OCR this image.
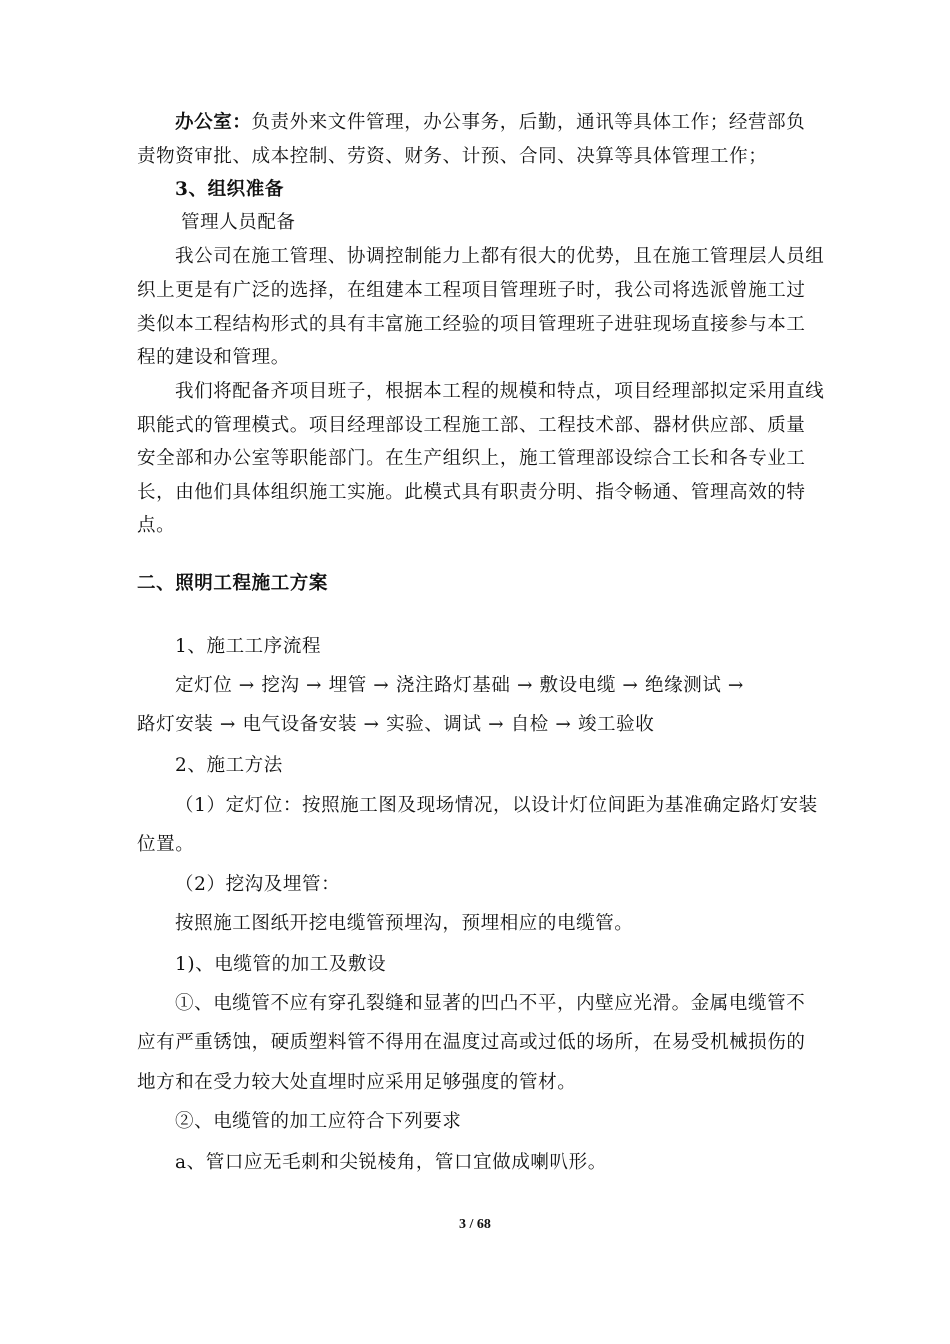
办公室：负责外来文件管理，办公事务，后勤，通讯等具体工作；经营部负
责物资审批、成本控制、劳资、财务、计预、合同、决算等具体管理工作；
3、组织准备
管理人员配备
我公司在施工管理、协调控制能力上都有很大的优势，且在施工管理层人员组
织上更是有广泛的选择，在组建本工程项目管理班子时，我公司将选派曾施工过
类似本工程结构形式的具有丰富施工经验的项目管理班子进驻现场直接参与本工
程的建设和管理。
我们将配备齐项目班子，根据本工程的规模和特点，项目经理部拟定采用直线
职能式的管理模式。项目经理部设工程施工部、工程技术部、器材供应部、质量
安全部和办公室等职能部门。在生产组织上，施工管理部设综合工长和各专业工
长，由他们具体组织施工实施。此模式具有职责分明、指令畅通、管理高效的特
点。
二、照明工程施工方案
1、施工工序流程
定灯位 → 挖沟 → 埋管 → 浇注路灯基础 → 敷设电缆 → 绝缘测试 →
路灯安装 → 电气设备安装 → 实验、调试 → 自检 → 竣工验收
2、施工方法
（1）定灯位：按照施工图及现场情况，以设计灯位间距为基准确定路灯安装
位置。
（2）挖沟及埋管：
按照施工图纸开挖电缆管预埋沟，预埋相应的电缆管。
1)、电缆管的加工及敷设
①、电缆管不应有穿孔裂缝和显著的凹凸不平，内壁应光滑。金属电缆管不
应有严重锈蚀，硬质塑料管不得用在温度过高或过低的场所，在易受机械损伤的
地方和在受力较大处直埋时应采用足够强度的管材。
②、电缆管的加工应符合下列要求
a、管口应无毛刺和尖锐棱角，管口宜做成喇叭形。
3 / 68
